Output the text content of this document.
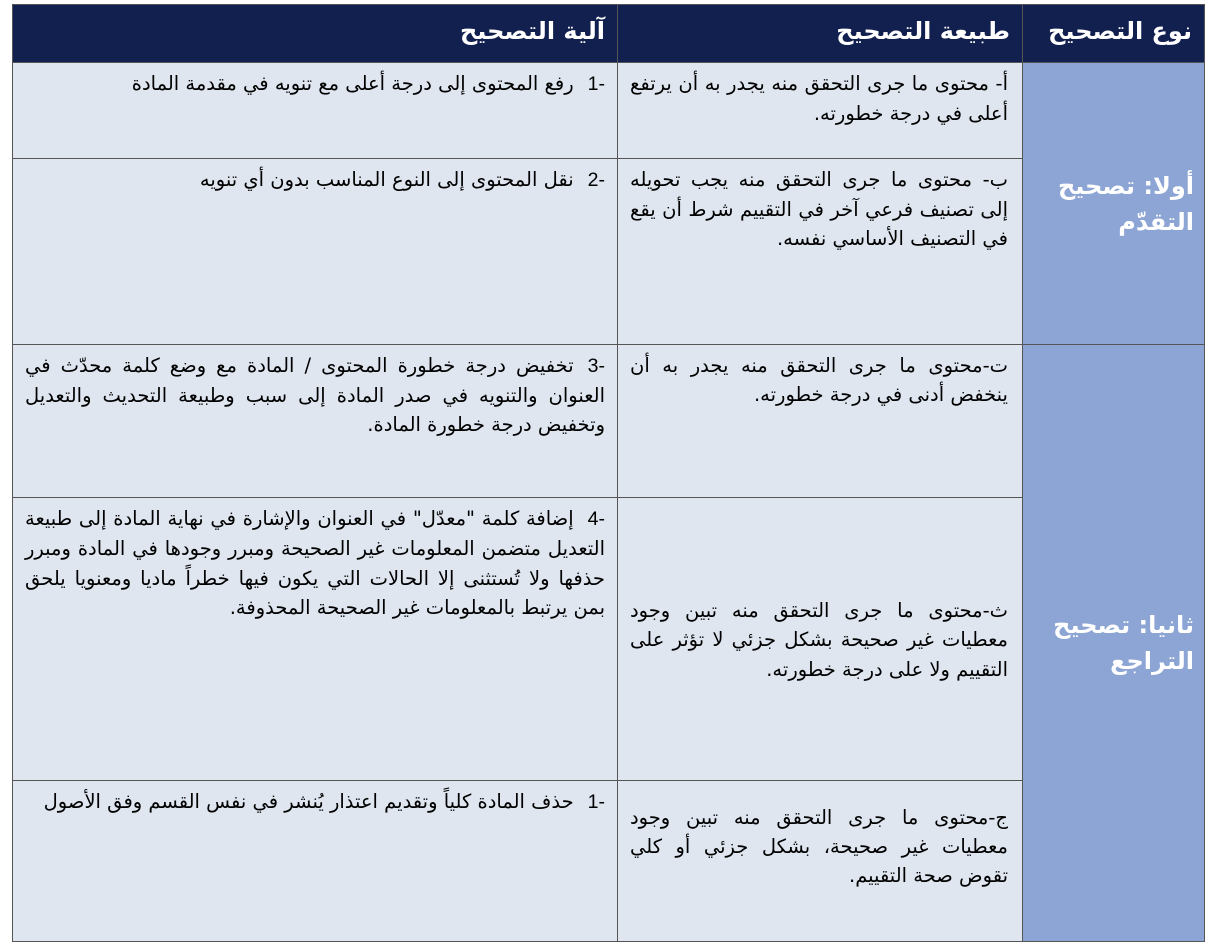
نوع التصحيح	طبيعة التصحيح	آلية التصحيح
أولا: تصحيح التقدّم	أ- محتوى ما جرى التحقق منه يجدر به أن يرتفع أعلى في درجة خطورته.	1-رفع المحتوى إلى درجة أعلى مع تنويه في مقدمة المادة
	ب- محتوى ما جرى التحقق منه يجب تحويله إلى تصنيف فرعي آخر في التقييم شرط أن يقع في التصنيف الأساسي نفسه.	2-نقل المحتوى إلى النوع المناسب بدون أي تنويه
ثانيا: تصحيح التراجع	ت-محتوى ما جرى التحقق منه يجدر به أن ينخفض أدنى في درجة خطورته.	3-تخفيض درجة خطورة المحتوى / المادة مع وضع كلمة محدّث في العنوان والتنويه في صدر المادة إلى سبب وطبيعة التحديث والتعديل وتخفيض درجة خطورة المادة.
	ث-محتوى ما جرى التحقق منه تبين وجود معطيات غير صحيحة بشكل جزئي لا تؤثر على التقييم ولا على درجة خطورته.	4-إضافة كلمة "معدّل" في العنوان والإشارة في نهاية المادة إلى طبيعة التعديل متضمن المعلومات غير الصحيحة ومبرر وجودها في المادة ومبرر حذفها ولا تُستثنى إلا الحالات التي يكون فيها خطراً ماديا ومعنويا يلحق بمن يرتبط بالمعلومات غير الصحيحة المحذوفة.
	ج-محتوى ما جرى التحقق منه تبين وجود معطيات غير صحيحة، بشكل جزئي أو كلي تقوض صحة التقييم.	1-حذف المادة كلياً وتقديم اعتذار يُنشر في نفس القسم وفق الأصول
